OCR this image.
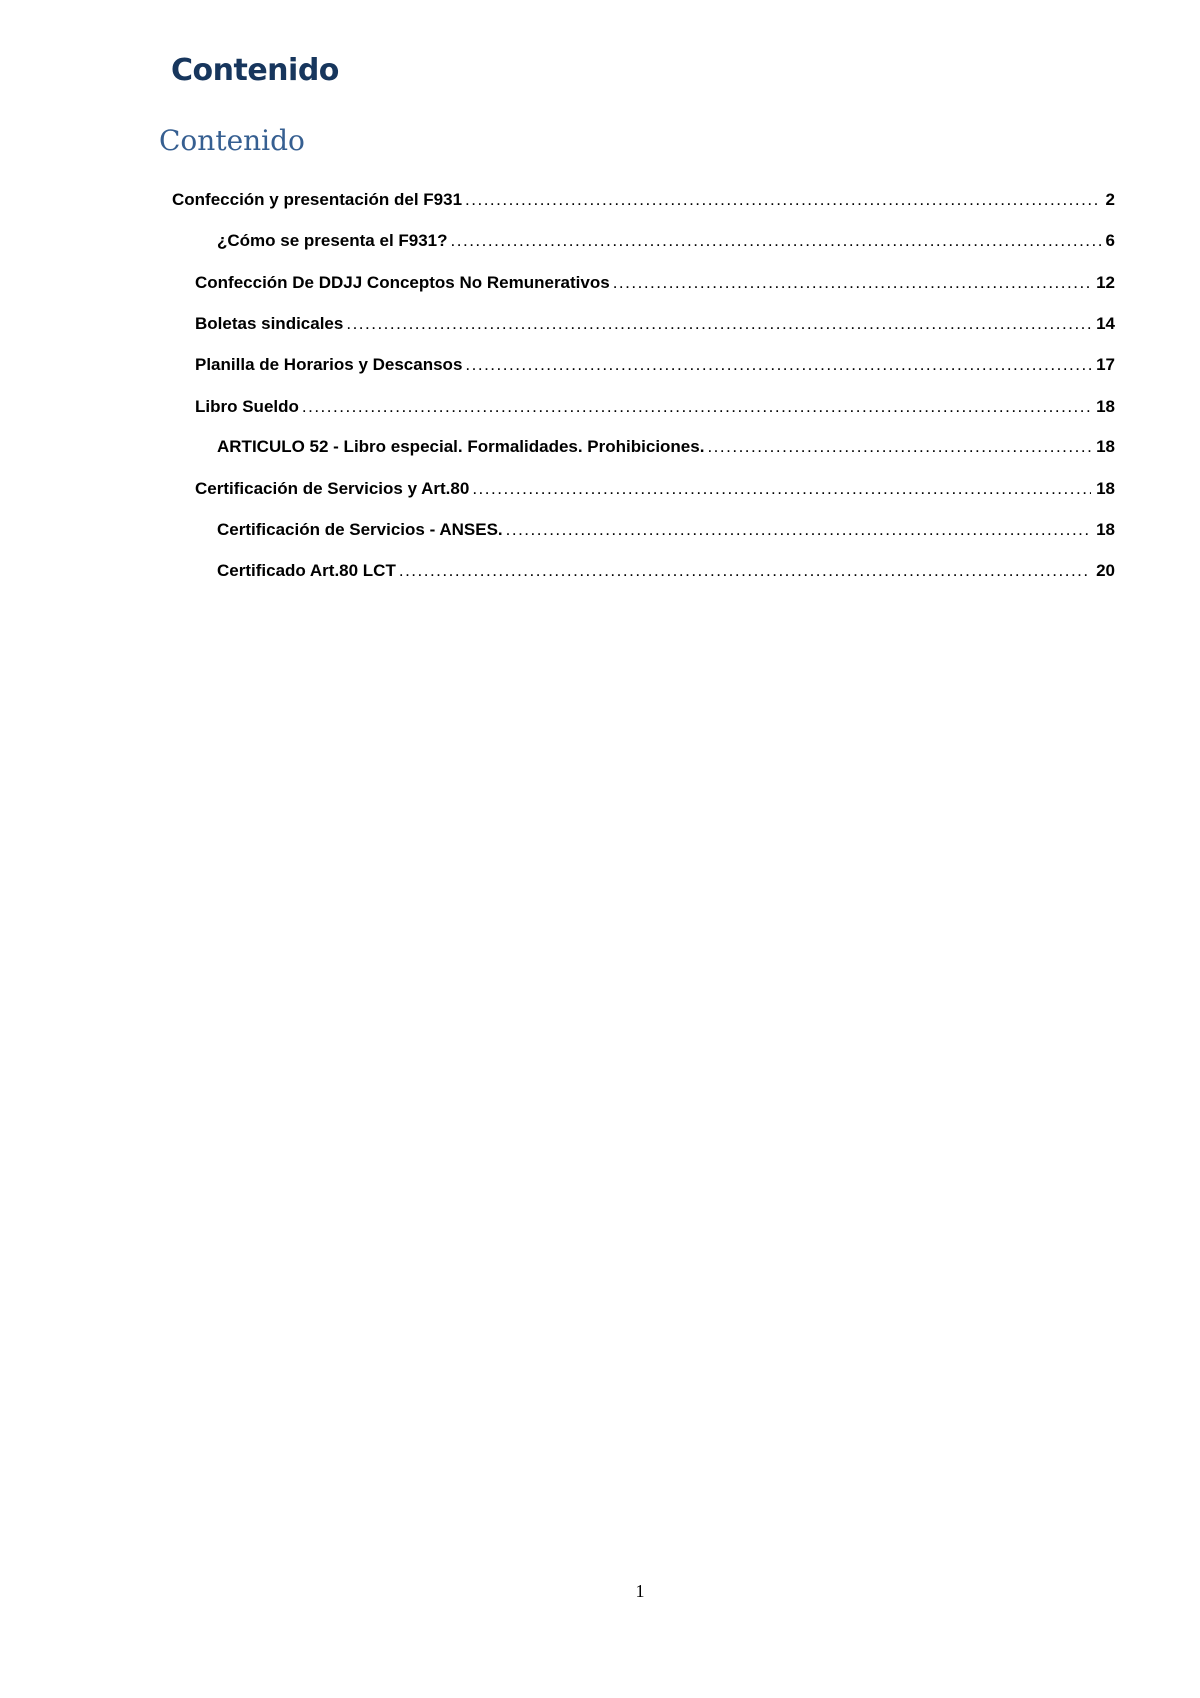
Contenido
Contenido
Confección y presentación del F931 .....	2
¿Cómo se presenta el F931? .....	6
Confección De DDJJ Conceptos No Remunerativos .....	12
Boletas sindicales .....	14
Planilla de Horarios y Descansos .....	17
Libro Sueldo .....	18
ARTICULO 52 - Libro especial. Formalidades. Prohibiciones. .....	18
Certificación de Servicios y Art.80 .....	18
Certificación de Servicios - ANSES. .....	18
Certificado Art.80 LCT .....	20

1
